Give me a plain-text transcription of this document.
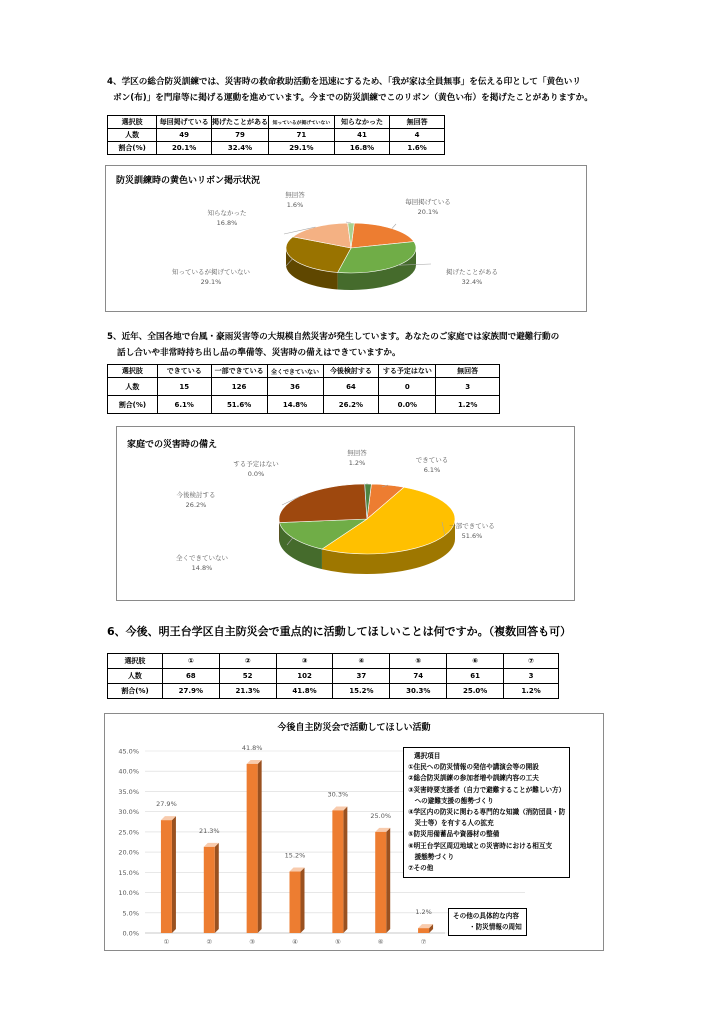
4、学区の総合防災訓練では、災害時の救命救助活動を迅速にするため、「我が家は全員無事」を伝える印として「黄色いリ
ボン(布)」を門扉等に掲げる運動を進めています。今までの防災訓練でこのリボン（黄色い布）を掲げたことがありますか。
選択肢	毎回掲げている	掲げたことがある	知っているが掲げていない	知らなかった	無回答
人数	49	79	71	41	4
割合(%)	20.1%	32.4%	29.1%	16.8%	1.6%
防災訓練時の黄色いリボン掲示状況
毎回掲げている
20.1%
掲げたことがある
32.4%
知っているが掲げていない
29.1%
知らなかった
16.8%
無回答
1.6%
5、近年、全国各地で台風・豪雨災害等の大規模自然災害が発生しています。あなたのご家庭では家族間で避難行動の
話し合いや非常時持ち出し品の準備等、災害時の備えはできていますか。
選択肢	できている	一部できている	全くできていない	今後検討する	する予定はない	無回答
人数	15	126	36	64	0	3
割合(%)	6.1%	51.6%	14.8%	26.2%	0.0%	1.2%
家庭での災害時の備え
できている
6.1%
一部できている
51.6%
全くできていない
14.8%
今後検討する
26.2%
する予定はない
0.0%
無回答
1.2%
6、今後、明王台学区自主防災会で重点的に活動してほしいことは何ですか。（複数回答も可）
選択肢	①	②	③	④	⑤	⑥	⑦
人数	68	52	102	37	74	61	3
割合(%)	27.9%	21.3%	41.8%	15.2%	30.3%	25.0%	1.2%
今後自主防災会で活動してほしい活動
0.0%
5.0%
10.0%
15.0%
20.0%
25.0%
30.0%
35.0%
40.0%
45.0%
27.9%
①
21.3%
②
41.8%
③
15.2%
④
30.3%
⑤
25.0%
⑥
1.2%
⑦
選択項目
①住民への防災情報の発信や講演会等の開設
②総合防災訓練の参加者増や訓練内容の工夫
③災害時要支援者（自力で避難することが難しい方）
　への避難支援の態勢づくり
④学区内の防災に関わる専門的な知識（消防団員・防
　災士等）を有する人の拡充
⑤防災用備蓄品や資器材の整備
⑥明王台学区周辺地域との災害時における相互支
　援態勢づくり
⑦その他
その他の具体的な内容
・防災情報の周知
